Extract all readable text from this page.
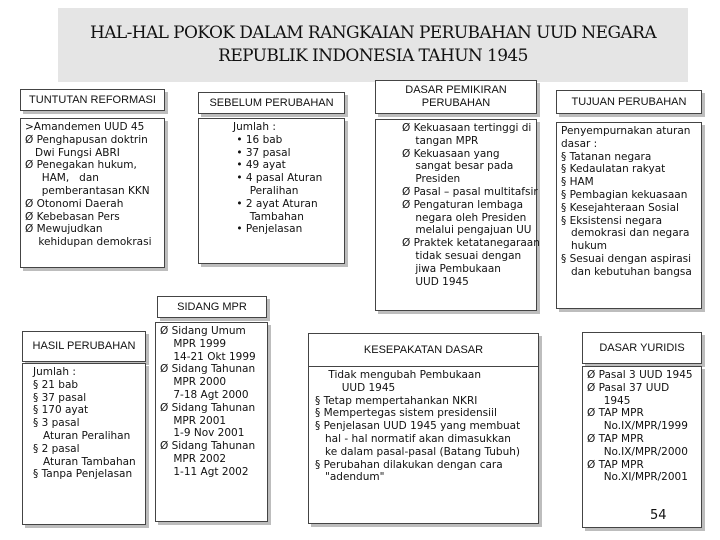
HAL-HAL POKOK DALAM RANGKAIAN PERUBAHAN UUD NEGARA
REPUBLIK INDONESIA TAHUN 1945
TUNTUTAN REFORMASI	SEBELUM PERUBAHAN
DASAR PEMIKIRAN PERUBAHAN	TUJUAN PERUBAHAN
>Amandemen UUD 45
Ø Penghapusan doktrin
Dwi Fungsi ABRI
Ø Penegakan hukum,
HAM,   dan
pemberantasan KKN
Ø Otonomi Daerah
Ø Kebebasan Pers
Ø Mewujudkan
kehidupan demokrasi
Jumlah :
• 16 bab
• 37 pasal
• 49 ayat
• 4 pasal Aturan
Peralihan
• 2 ayat Aturan
Tambahan
• Penjelasan
Ø Kekuasaan tertinggi di
tangan MPR
Ø Kekuasaan yang
sangat besar pada
Presiden
Ø Pasal – pasal multitafsir
Ø Pengaturan lembaga
negara oleh Presiden
melalui pengajuan UU
Ø Praktek ketatanegaraan
tidak sesuai dengan
jiwa Pembukaan
UUD 1945
Penyempurnakan aturan
dasar :
§ Tatanan negara
§ Kedaulatan rakyat
§ HAM
§ Pembagian kekuasaan
§ Kesejahteraan Sosial
§ Eksistensi negara
demokrasi dan negara
hukum
§ Sesuai dengan aspirasi
dan kebutuhan bangsa
SIDANG MPR
HASIL PERUBAHAN	KESEPAKATAN DASAR	DASAR YURIDIS
Jumlah :
§ 21 bab
§ 37 pasal
§ 170 ayat
§ 3 pasal
Aturan Peralihan
§ 2 pasal
Aturan Tambahan
§ Tanpa Penjelasan
Ø Sidang Umum
MPR 1999
14-21 Okt 1999
Ø Sidang Tahunan
MPR 2000
7-18 Agt 2000
Ø Sidang Tahunan
MPR 2001
1-9 Nov 2001
Ø Sidang Tahunan
MPR 2002
1-11 Agt 2002
Tidak mengubah Pembukaan
UUD 1945
§ Tetap mempertahankan NKRI
§ Mempertegas sistem presidensiil
§ Penjelasan UUD 1945 yang membuat
hal - hal normatif akan dimasukkan
ke dalam pasal-pasal (Batang Tubuh)
§ Perubahan dilakukan dengan cara
"adendum"
Ø Pasal 3 UUD 1945
Ø Pasal 37 UUD
1945
Ø TAP MPR
No.IX/MPR/1999
Ø TAP MPR
No.IX/MPR/2000
Ø TAP MPR
No.XI/MPR/2001
54
